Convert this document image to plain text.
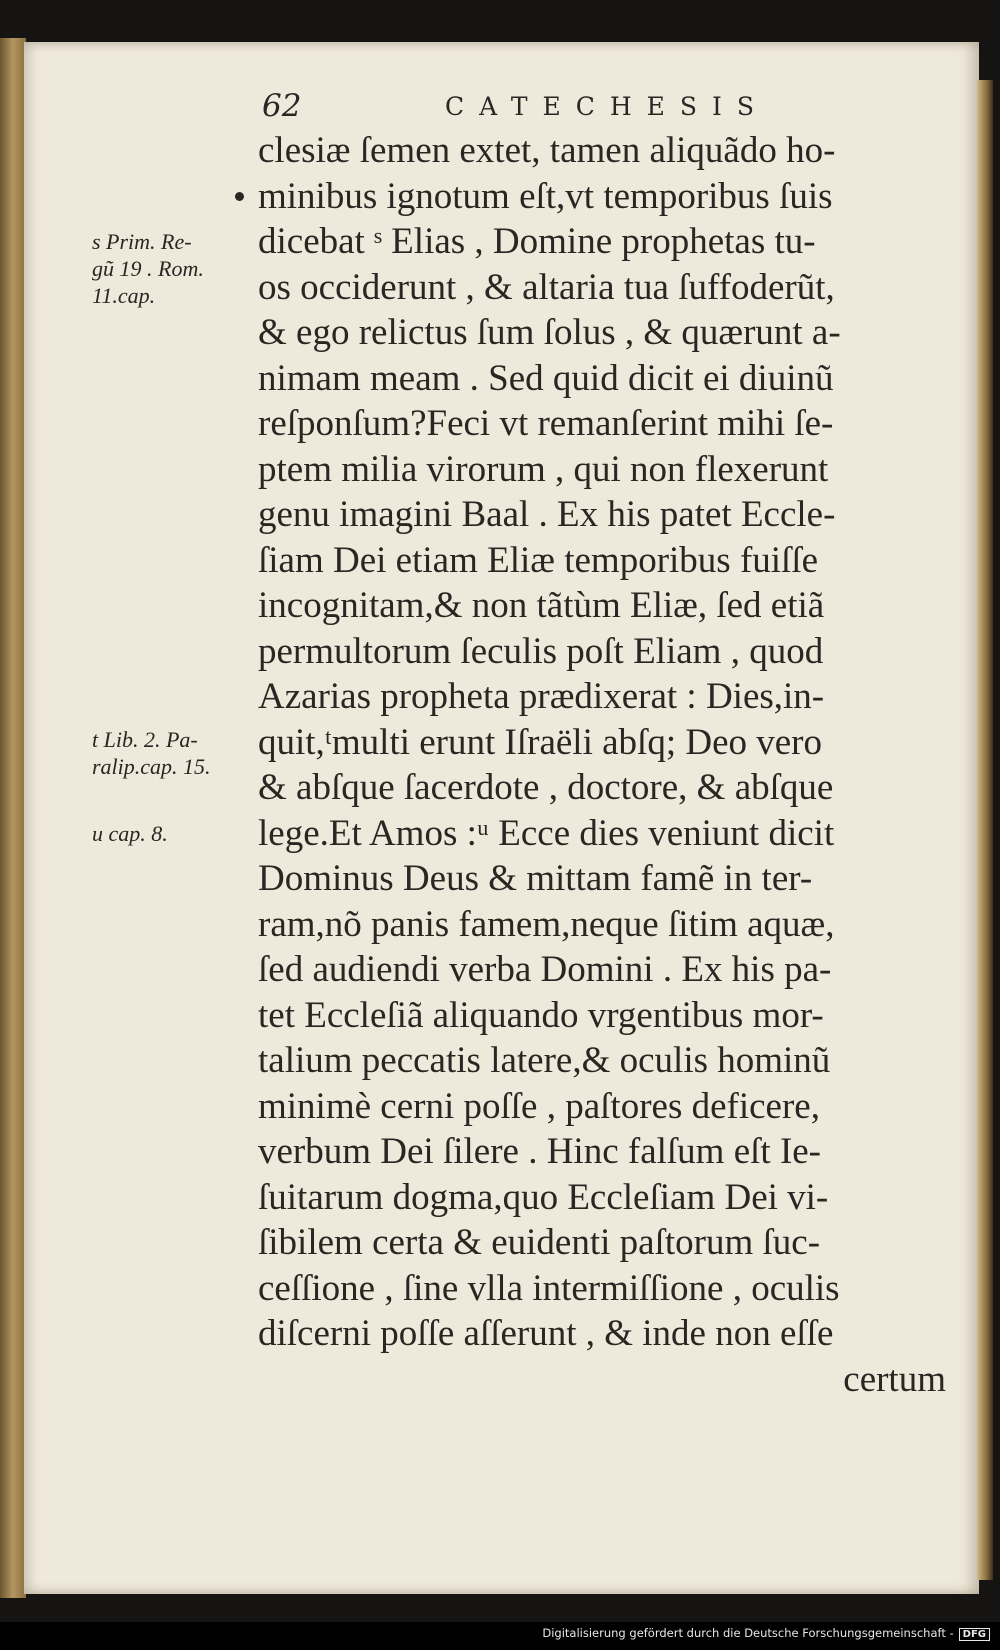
62	CATECHESIS
s Prim. Re-
gũ 19 . Rom.
11.cap.
t Lib. 2. Pa-
ralip.cap. 15.
u cap. 8.
clesiæ ſemen extet, tamen aliquãdo ho-
minibus ignotum eſt,vt temporibus ſuis
dicebat ˢ Elias , Domine prophetas tu-
os occiderunt , & altaria tua ſuffoderũt,
& ego relictus ſum ſolus , & quærunt a-
nimam meam . Sed quid dicit ei diuinũ
reſponſum?Feci vt remanſerint mihi ſe-
ptem milia virorum , qui non flexerunt
genu imagini Baal . Ex his patet Eccle-
ſiam Dei etiam Eliæ temporibus fuiſſe
incognitam,& non tãtùm Eliæ, ſed etiã
permultorum ſeculis poſt Eliam , quod
Azarias propheta prædixerat : Dies,in-
quit,ᵗmulti erunt Iſraëli abſq; Deo vero
& abſque ſacerdote , doctore, & abſque
lege.Et Amos :ᵘ Ecce dies veniunt dicit
Dominus Deus & mittam famẽ in ter-
ram,nõ panis famem,neque ſitim aquæ,
ſed audiendi verba Domini . Ex his pa-
tet Eccleſiã aliquando vrgentibus mor-
talium peccatis latere,& oculis hominũ
minimè cerni poſſe , paſtores deficere,
verbum Dei ſilere . Hinc falſum eſt Ie-
ſuitarum dogma,quo Eccleſiam Dei vi-
ſibilem certa & euidenti paſtorum ſuc-
ceſſione , ſine vlla intermiſſione , oculis
diſcerni poſſe aſſerunt , & inde non eſſe
certum
Digitalisierung gefördert durch die Deutsche Forschungsgemeinschaft - DFG
